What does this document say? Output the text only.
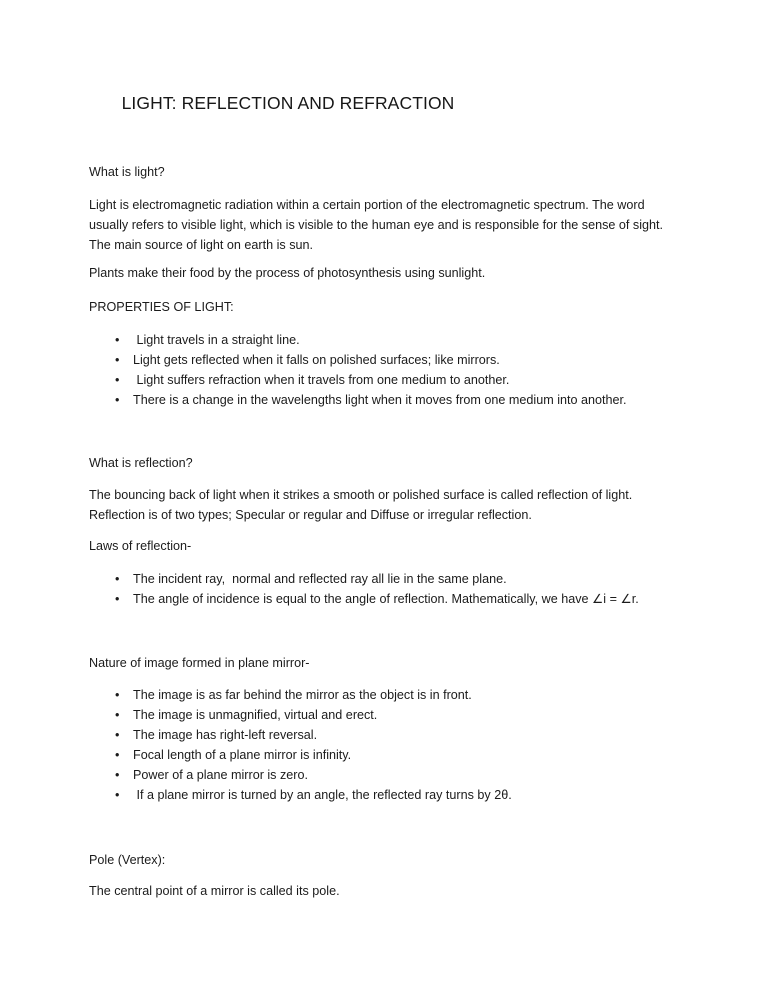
LIGHT: REFLECTION AND REFRACTION

What is light?

Light is electromagnetic radiation within a certain portion of the electromagnetic spectrum. The word usually refers to visible light, which is visible to the human eye and is responsible for the sense of sight. The main source of light on earth is sun.

Plants make their food by the process of photosynthesis using sunlight.

PROPERTIES OF LIGHT:

•  Light travels in a straight line.
• Light gets reflected when it falls on polished surfaces; like mirrors.
•  Light suffers refraction when it travels from one medium to another.
• There is a change in the wavelengths light when it moves from one medium into another.

What is reflection?

The bouncing back of light when it strikes a smooth or polished surface is called reflection of light. Reflection is of two types; Specular or regular and Diffuse or irregular reflection.

Laws of reflection-

• The incident ray,  normal and reflected ray all lie in the same plane.
• The angle of incidence is equal to the angle of reflection. Mathematically, we have ∠i = ∠r.

Nature of image formed in plane mirror-

• The image is as far behind the mirror as the object is in front.
• The image is unmagnified, virtual and erect.
• The image has right-left reversal.
• Focal length of a plane mirror is infinity.
• Power of a plane mirror is zero.
•  If a plane mirror is turned by an angle, the reflected ray turns by 2θ.

Pole (Vertex):

The central point of a mirror is called its pole.
